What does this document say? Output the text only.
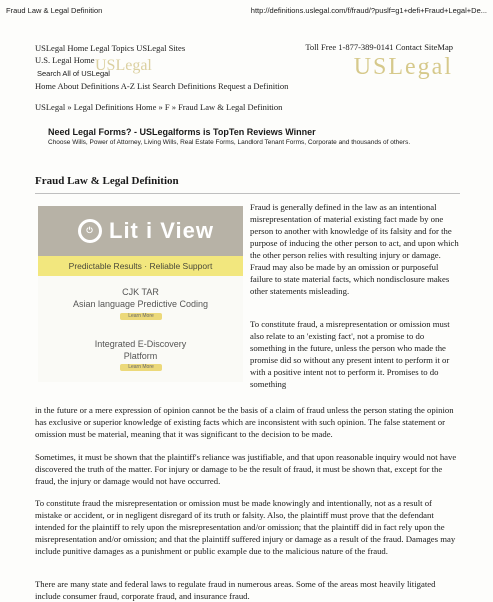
Fraud Law & Legal Definition	http://definitions.uslegal.com/f/fraud/?puslf=g1+defi+Fraud+Legal+De...
USLegal	USLegal
USLegal Home Legal Topics USLegal Sites
U.S. Legal Home
Toll Free 1-877-389-0141 Contact SiteMap
Search All of USLegal
Home About Definitions A-Z List Search Definitions Request a Definition
USLegal » Legal Definitions Home » F » Fraud Law & Legal Definition
Need Legal Forms? - USLegalforms is TopTen Reviews Winner
Choose Wills, Power of Attorney, Living Wills, Real Estate Forms, Landlord Tenant Forms, Corporate and thousands of others.
Fraud Law & Legal Definition
⏻ Lit i View
Predictable Results · Reliable Support
CJK TAR
Asian language Predictive Coding
Learn More
Integrated E-Discovery
Platform
Learn More
Fraud is generally defined in the law as an intentional misrepresentation of material existing fact made by one person to another with knowledge of its falsity and for the purpose of inducing the other person to act, and upon which the other person relies with resulting injury or damage. Fraud may also be made by an omission or purposeful failure to state material facts, which nondisclosure makes other statements misleading.
To constitute fraud, a misrepresentation or omission must also relate to an 'existing fact', not a promise to do something in the future, unless the person who made the promise did so without any present intent to perform it or with a positive intent not to perform it. Promises to do something
in the future or a mere expression of opinion cannot be the basis of a claim of fraud unless the person stating the opinion has exclusive or superior knowledge of existing facts which are inconsistent with such opinion. The false statement or omission must be material, meaning that it was significant to the decision to be made.
Sometimes, it must be shown that the plaintiff's reliance was justifiable, and that upon reasonable inquiry would not have discovered the truth of the matter. For injury or damage to be the result of fraud, it must be shown that, except for the fraud, the injury or damage would not have occurred.
To constitute fraud the misrepresentation or omission must be made knowingly and intentionally, not as a result of mistake or accident, or in negligent disregard of its truth or falsity. Also, the plaintiff must prove that the defendant intended for the plaintiff to rely upon the misrepresentation and/or omission; that the plaintiff did in fact rely upon the misrepresentation and/or omission; and that the plaintiff suffered injury or damage as a result of the fraud. Damages may include punitive damages as a punishment or public example due to the malicious nature of the fraud.
There are many state and federal laws to regulate fraud in numerous areas. Some of the areas most heavily litigated include consumer fraud, corporate fraud, and insurance fraud.
